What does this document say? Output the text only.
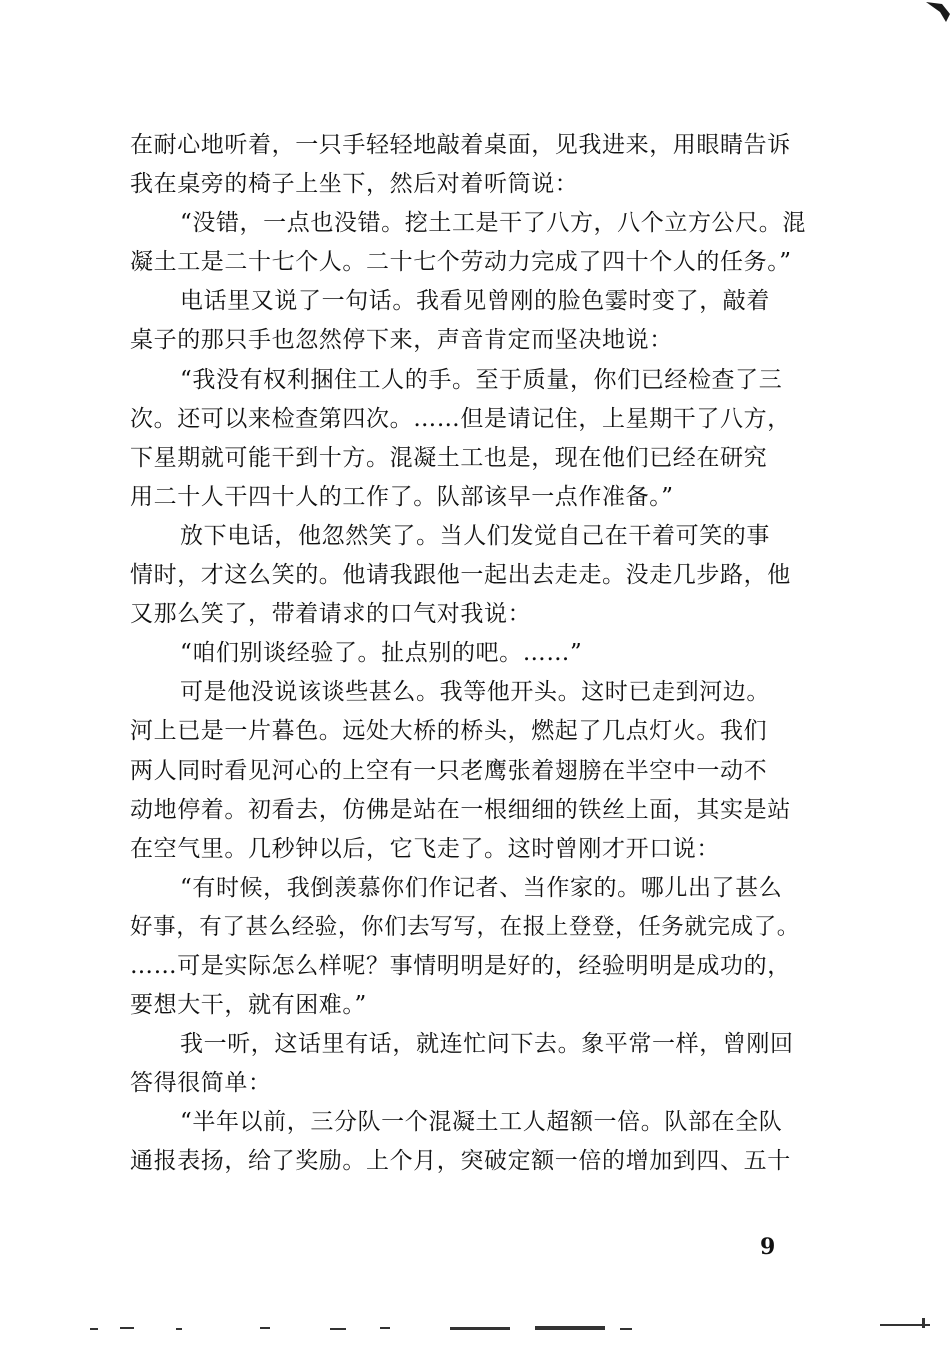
在耐心地听着，一只手轻轻地敲着桌面，见我进来，用眼睛告诉
我在桌旁的椅子上坐下，然后对着听筒说：
“没错，一点也没错。挖土工是干了八方，八个立方公尺。混
凝土工是二十七个人。二十七个劳动力完成了四十个人的任务。”
电话里又说了一句话。我看见曾刚的脸色霎时变了，敲着
桌子的那只手也忽然停下来，声音肯定而坚决地说：
“我没有权利捆住工人的手。至于质量，你们已经检查了三
次。还可以来检查第四次。……但是请记住，上星期干了八方，
下星期就可能干到十方。混凝土工也是，现在他们已经在研究
用二十人干四十人的工作了。队部该早一点作准备。”
放下电话，他忽然笑了。当人们发觉自己在干着可笑的事
情时，才这么笑的。他请我跟他一起出去走走。没走几步路，他
又那么笑了，带着请求的口气对我说：
“咱们别谈经验了。扯点别的吧。……”
可是他没说该谈些甚么。我等他开头。这时已走到河边。
河上已是一片暮色。远处大桥的桥头，燃起了几点灯火。我们
两人同时看见河心的上空有一只老鹰张着翅膀在半空中一动不
动地停着。初看去，仿佛是站在一根细细的铁丝上面，其实是站
在空气里。几秒钟以后，它飞走了。这时曾刚才开口说：
“有时候，我倒羡慕你们作记者、当作家的。哪儿出了甚么
好事，有了甚么经验，你们去写写，在报上登登，任务就完成了。
……可是实际怎么样呢？事情明明是好的，经验明明是成功的，
要想大干，就有困难。”
我一听，这话里有话，就连忙问下去。象平常一样，曾刚回
答得很简单：
“半年以前，三分队一个混凝土工人超额一倍。队部在全队
通报表扬，给了奖励。上个月，突破定额一倍的增加到四、五十
9
